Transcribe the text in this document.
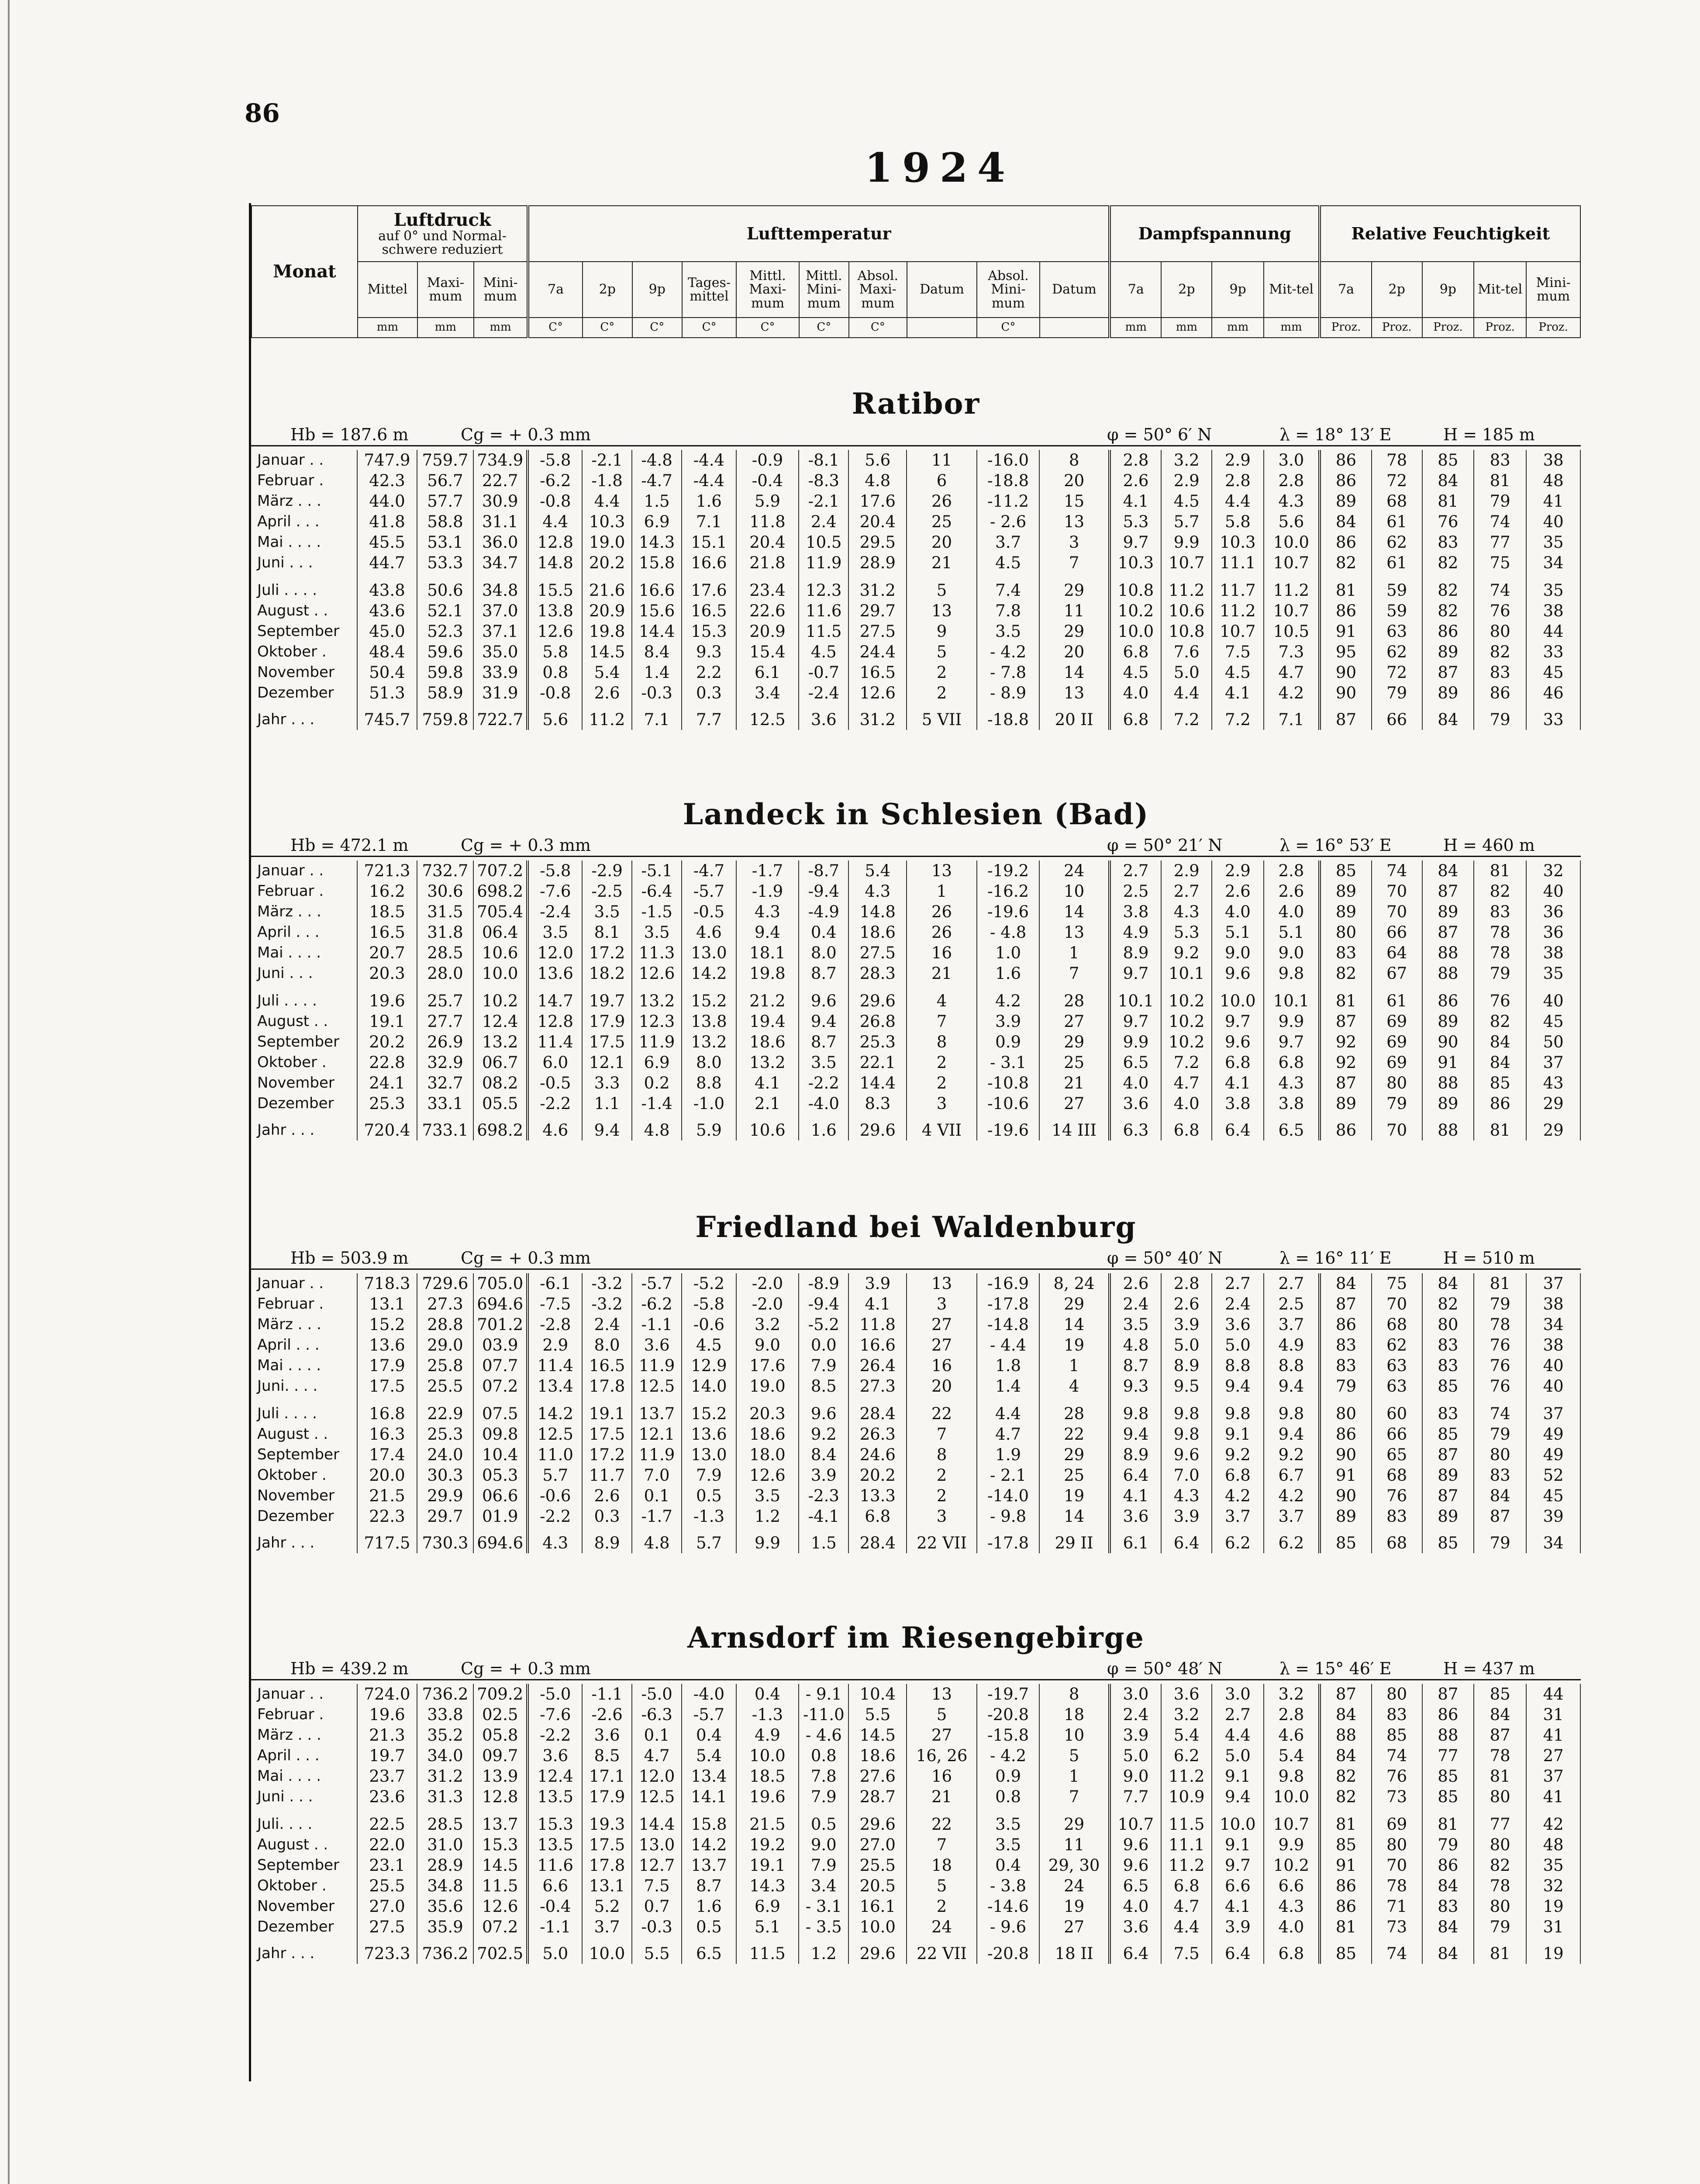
86
1924
Monat	Luftdruck
auf 0° und Normal-
schwere reduziert			Lufttemperatur										Dampfspannung				Relative Feuchtigkeit				
	Mittel	Maxi-mum	Mini-mum	7a	2p	9p	Tages-mittel	Mittl. Maxi-mum	Mittl. Mini-mum	Absol. Maxi-mum	Datum	Absol. Mini-mum	Datum	7a	2p	9p	Mit-tel	7a	2p	9p	Mit-tel	Mini-mum
	mm	mm	mm	C°	C°	C°	C°	C°	C°	C°		C°		mm	mm	mm	mm	Proz.	Proz.	Proz.	Proz.	Proz.
Ratibor
Hb = 187.6 m	Cg = + 0.3 mm	φ = 50° 6′ N	λ = 18° 13′ E	H = 185 m
Januar . .	747.9	759.7	734.9	-5.8	-2.1	-4.8	-4.4	-0.9	-8.1	5.6	11	-16.0	8	2.8	3.2	2.9	3.0	86	78	85	83	38
Februar .	42.3	56.7	22.7	-6.2	-1.8	-4.7	-4.4	-0.4	-8.3	4.8	6	-18.8	20	2.6	2.9	2.8	2.8	86	72	84	81	48
März . . .	44.0	57.7	30.9	-0.8	4.4	1.5	1.6	5.9	-2.1	17.6	26	-11.2	15	4.1	4.5	4.4	4.3	89	68	81	79	41
April . . .	41.8	58.8	31.1	4.4	10.3	6.9	7.1	11.8	2.4	20.4	25	- 2.6	13	5.3	5.7	5.8	5.6	84	61	76	74	40
Mai . . . .	45.5	53.1	36.0	12.8	19.0	14.3	15.1	20.4	10.5	29.5	20	3.7	3	9.7	9.9	10.3	10.0	86	62	83	77	35
Juni . . .	44.7	53.3	34.7	14.8	20.2	15.8	16.6	21.8	11.9	28.9	21	4.5	7	10.3	10.7	11.1	10.7	82	61	82	75	34

Juli . . . .	43.8	50.6	34.8	15.5	21.6	16.6	17.6	23.4	12.3	31.2	5	7.4	29	10.8	11.2	11.7	11.2	81	59	82	74	35
August . .	43.6	52.1	37.0	13.8	20.9	15.6	16.5	22.6	11.6	29.7	13	7.8	11	10.2	10.6	11.2	10.7	86	59	82	76	38
September	45.0	52.3	37.1	12.6	19.8	14.4	15.3	20.9	11.5	27.5	9	3.5	29	10.0	10.8	10.7	10.5	91	63	86	80	44
Oktober .	48.4	59.6	35.0	5.8	14.5	8.4	9.3	15.4	4.5	24.4	5	- 4.2	20	6.8	7.6	7.5	7.3	95	62	89	82	33
November	50.4	59.8	33.9	0.8	5.4	1.4	2.2	6.1	-0.7	16.5	2	- 7.8	14	4.5	5.0	4.5	4.7	90	72	87	83	45
Dezember	51.3	58.9	31.9	-0.8	2.6	-0.3	0.3	3.4	-2.4	12.6	2	- 8.9	13	4.0	4.4	4.1	4.2	90	79	89	86	46
Jahr . . .	745.7	759.8	722.7	5.6	11.2	7.1	7.7	12.5	3.6	31.2	5 VII	-18.8	20 II	6.8	7.2	7.2	7.1	87	66	84	79	33
Landeck in Schlesien (Bad)
Hb = 472.1 m	Cg = + 0.3 mm	φ = 50° 21′ N	λ = 16° 53′ E	H = 460 m
Januar . .	721.3	732.7	707.2	-5.8	-2.9	-5.1	-4.7	-1.7	-8.7	5.4	13	-19.2	24	2.7	2.9	2.9	2.8	85	74	84	81	32
Februar .	16.2	30.6	698.2	-7.6	-2.5	-6.4	-5.7	-1.9	-9.4	4.3	1	-16.2	10	2.5	2.7	2.6	2.6	89	70	87	82	40
März . . .	18.5	31.5	705.4	-2.4	3.5	-1.5	-0.5	4.3	-4.9	14.8	26	-19.6	14	3.8	4.3	4.0	4.0	89	70	89	83	36
April . . .	16.5	31.8	06.4	3.5	8.1	3.5	4.6	9.4	0.4	18.6	26	- 4.8	13	4.9	5.3	5.1	5.1	80	66	87	78	36
Mai . . . .	20.7	28.5	10.6	12.0	17.2	11.3	13.0	18.1	8.0	27.5	16	1.0	1	8.9	9.2	9.0	9.0	83	64	88	78	38
Juni . . .	20.3	28.0	10.0	13.6	18.2	12.6	14.2	19.8	8.7	28.3	21	1.6	7	9.7	10.1	9.6	9.8	82	67	88	79	35

Juli . . . .	19.6	25.7	10.2	14.7	19.7	13.2	15.2	21.2	9.6	29.6	4	4.2	28	10.1	10.2	10.0	10.1	81	61	86	76	40
August . .	19.1	27.7	12.4	12.8	17.9	12.3	13.8	19.4	9.4	26.8	7	3.9	27	9.7	10.2	9.7	9.9	87	69	89	82	45
September	20.2	26.9	13.2	11.4	17.5	11.9	13.2	18.6	8.7	25.3	8	0.9	29	9.9	10.2	9.6	9.7	92	69	90	84	50
Oktober .	22.8	32.9	06.7	6.0	12.1	6.9	8.0	13.2	3.5	22.1	2	- 3.1	25	6.5	7.2	6.8	6.8	92	69	91	84	37
November	24.1	32.7	08.2	-0.5	3.3	0.2	8.8	4.1	-2.2	14.4	2	-10.8	21	4.0	4.7	4.1	4.3	87	80	88	85	43
Dezember	25.3	33.1	05.5	-2.2	1.1	-1.4	-1.0	2.1	-4.0	8.3	3	-10.6	27	3.6	4.0	3.8	3.8	89	79	89	86	29
Jahr . . .	720.4	733.1	698.2	4.6	9.4	4.8	5.9	10.6	1.6	29.6	4 VII	-19.6	14 III	6.3	6.8	6.4	6.5	86	70	88	81	29
Friedland bei Waldenburg
Hb = 503.9 m	Cg = + 0.3 mm	φ = 50° 40′ N	λ = 16° 11′ E	H = 510 m
Januar . .	718.3	729.6	705.0	-6.1	-3.2	-5.7	-5.2	-2.0	-8.9	3.9	13	-16.9	8, 24	2.6	2.8	2.7	2.7	84	75	84	81	37
Februar .	13.1	27.3	694.6	-7.5	-3.2	-6.2	-5.8	-2.0	-9.4	4.1	3	-17.8	29	2.4	2.6	2.4	2.5	87	70	82	79	38
März . . .	15.2	28.8	701.2	-2.8	2.4	-1.1	-0.6	3.2	-5.2	11.8	27	-14.8	14	3.5	3.9	3.6	3.7	86	68	80	78	34
April . . .	13.6	29.0	03.9	2.9	8.0	3.6	4.5	9.0	0.0	16.6	27	- 4.4	19	4.8	5.0	5.0	4.9	83	62	83	76	38
Mai . . . .	17.9	25.8	07.7	11.4	16.5	11.9	12.9	17.6	7.9	26.4	16	1.8	1	8.7	8.9	8.8	8.8	83	63	83	76	40
Juni. . . .	17.5	25.5	07.2	13.4	17.8	12.5	14.0	19.0	8.5	27.3	20	1.4	4	9.3	9.5	9.4	9.4	79	63	85	76	40

Juli . . . .	16.8	22.9	07.5	14.2	19.1	13.7	15.2	20.3	9.6	28.4	22	4.4	28	9.8	9.8	9.8	9.8	80	60	83	74	37
August . .	16.3	25.3	09.8	12.5	17.5	12.1	13.6	18.6	9.2	26.3	7	4.7	22	9.4	9.8	9.1	9.4	86	66	85	79	49
September	17.4	24.0	10.4	11.0	17.2	11.9	13.0	18.0	8.4	24.6	8	1.9	29	8.9	9.6	9.2	9.2	90	65	87	80	49
Oktober .	20.0	30.3	05.3	5.7	11.7	7.0	7.9	12.6	3.9	20.2	2	- 2.1	25	6.4	7.0	6.8	6.7	91	68	89	83	52
November	21.5	29.9	06.6	-0.6	2.6	0.1	0.5	3.5	-2.3	13.3	2	-14.0	19	4.1	4.3	4.2	4.2	90	76	87	84	45
Dezember	22.3	29.7	01.9	-2.2	0.3	-1.7	-1.3	1.2	-4.1	6.8	3	- 9.8	14	3.6	3.9	3.7	3.7	89	83	89	87	39
Jahr . . .	717.5	730.3	694.6	4.3	8.9	4.8	5.7	9.9	1.5	28.4	22 VII	-17.8	29 II	6.1	6.4	6.2	6.2	85	68	85	79	34
Arnsdorf im Riesengebirge
Hb = 439.2 m	Cg = + 0.3 mm	φ = 50° 48′ N	λ = 15° 46′ E	H = 437 m
Januar . .	724.0	736.2	709.2	-5.0	-1.1	-5.0	-4.0	0.4	- 9.1	10.4	13	-19.7	8	3.0	3.6	3.0	3.2	87	80	87	85	44
Februar .	19.6	33.8	02.5	-7.6	-2.6	-6.3	-5.7	-1.3	-11.0	5.5	5	-20.8	18	2.4	3.2	2.7	2.8	84	83	86	84	31
März . . .	21.3	35.2	05.8	-2.2	3.6	0.1	0.4	4.9	- 4.6	14.5	27	-15.8	10	3.9	5.4	4.4	4.6	88	85	88	87	41
April . . .	19.7	34.0	09.7	3.6	8.5	4.7	5.4	10.0	0.8	18.6	16, 26	- 4.2	5	5.0	6.2	5.0	5.4	84	74	77	78	27
Mai . . . .	23.7	31.2	13.9	12.4	17.1	12.0	13.4	18.5	7.8	27.6	16	0.9	1	9.0	11.2	9.1	9.8	82	76	85	81	37
Juni . . .	23.6	31.3	12.8	13.5	17.9	12.5	14.1	19.6	7.9	28.7	21	0.8	7	7.7	10.9	9.4	10.0	82	73	85	80	41

Juli. . . .	22.5	28.5	13.7	15.3	19.3	14.4	15.8	21.5	0.5	29.6	22	3.5	29	10.7	11.5	10.0	10.7	81	69	81	77	42
August . .	22.0	31.0	15.3	13.5	17.5	13.0	14.2	19.2	9.0	27.0	7	3.5	11	9.6	11.1	9.1	9.9	85	80	79	80	48
September	23.1	28.9	14.5	11.6	17.8	12.7	13.7	19.1	7.9	25.5	18	0.4	29, 30	9.6	11.2	9.7	10.2	91	70	86	82	35
Oktober .	25.5	34.8	11.5	6.6	13.1	7.5	8.7	14.3	3.4	20.5	5	- 3.8	24	6.5	6.8	6.6	6.6	86	78	84	78	32
November	27.0	35.6	12.6	-0.4	5.2	0.7	1.6	6.9	- 3.1	16.1	2	-14.6	19	4.0	4.7	4.1	4.3	86	71	83	80	19
Dezember	27.5	35.9	07.2	-1.1	3.7	-0.3	0.5	5.1	- 3.5	10.0	24	- 9.6	27	3.6	4.4	3.9	4.0	81	73	84	79	31
Jahr . . .	723.3	736.2	702.5	5.0	10.0	5.5	6.5	11.5	1.2	29.6	22 VII	-20.8	18 II	6.4	7.5	6.4	6.8	85	74	84	81	19
